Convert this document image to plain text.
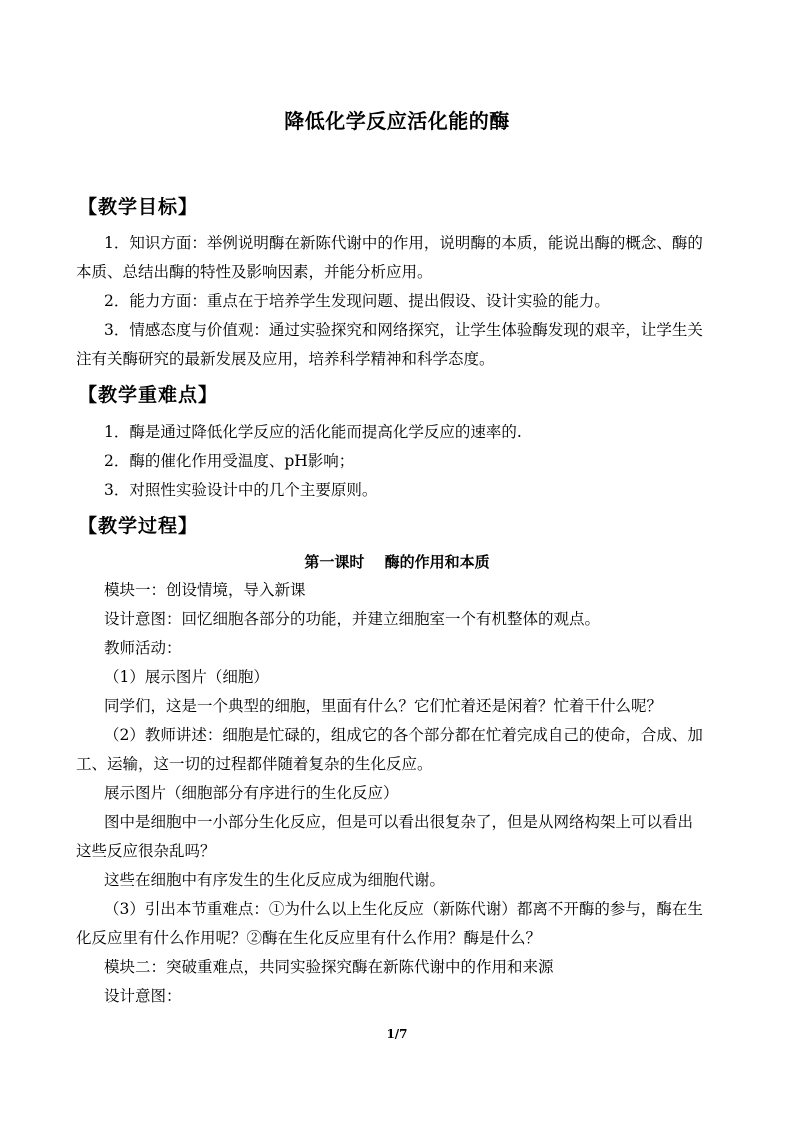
降低化学反应活化能的酶
【教学目标】
1．知识方面：举例说明酶在新陈代谢中的作用，说明酶的本质，能说出酶的概念、酶的
本质、总结出酶的特性及影响因素，并能分析应用。
2．能力方面：重点在于培养学生发现问题、提出假设、设计实验的能力。
3．情感态度与价值观：通过实验探究和网络探究，让学生体验酶发现的艰辛，让学生关
注有关酶研究的最新发展及应用，培养科学精神和科学态度。
【教学重难点】
1．酶是通过降低化学反应的活化能而提高化学反应的速率的.
2．酶的催化作用受温度、pH影响；
3．对照性实验设计中的几个主要原则。
【教学过程】
第一课时　 酶的作用和本质
模块一：创设情境，导入新课
设计意图：回忆细胞各部分的功能，并建立细胞室一个有机整体的观点。
教师活动：
（1）展示图片（细胞）
同学们，这是一个典型的细胞，里面有什么？它们忙着还是闲着？忙着干什么呢？
（2）教师讲述：细胞是忙碌的，组成它的各个部分都在忙着完成自己的使命，合成、加
工、运输，这一切的过程都伴随着复杂的生化反应。
展示图片（细胞部分有序进行的生化反应）
图中是细胞中一小部分生化反应，但是可以看出很复杂了，但是从网络构架上可以看出
这些反应很杂乱吗？
这些在细胞中有序发生的生化反应成为细胞代谢。
（3）引出本节重难点：①为什么以上生化反应（新陈代谢）都离不开酶的参与，酶在生
化反应里有什么作用呢？②酶在生化反应里有什么作用？酶是什么？
模块二：突破重难点，共同实验探究酶在新陈代谢中的作用和来源
设计意图：
1/7
